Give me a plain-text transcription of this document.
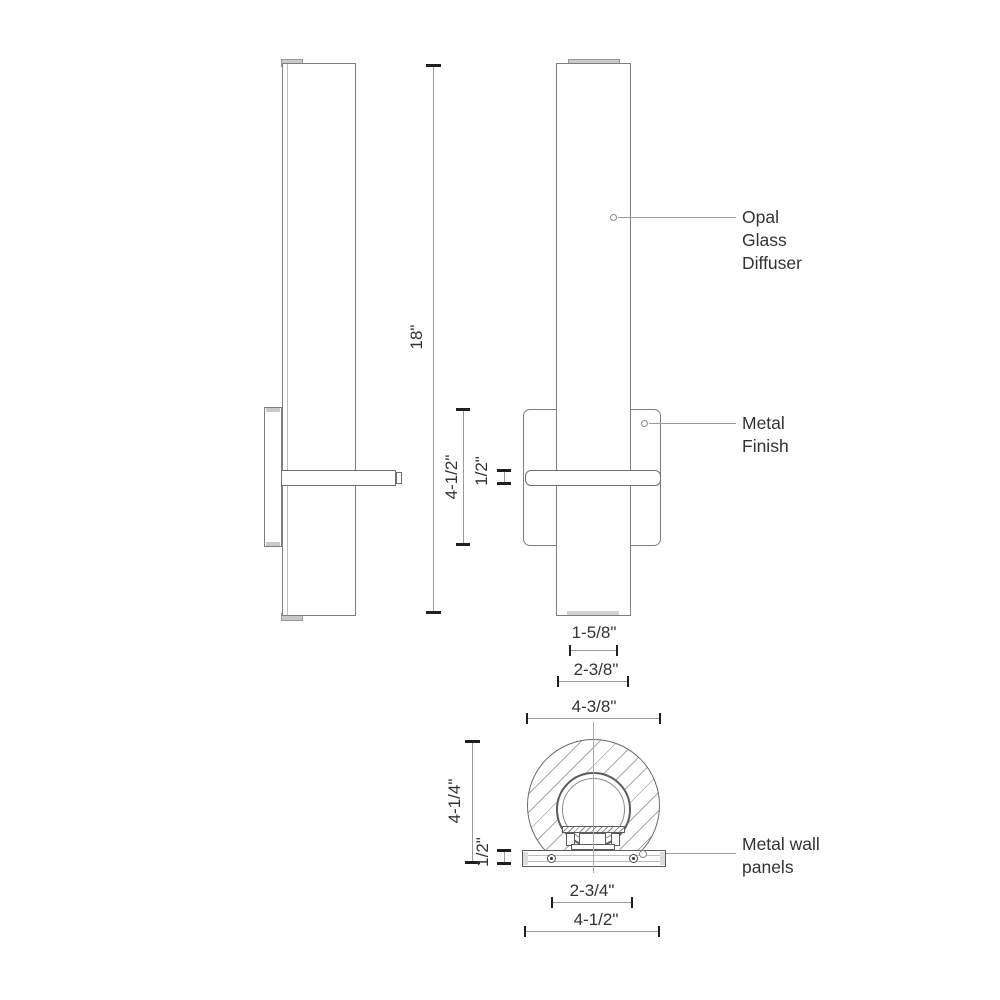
Opal Glass Diffuser
Metal Finish
Metal wall panels
18"
4-1/2" 1/2"
1-5/8"
2-3/8"
4-3/8"
2-3/4"
4-1/2"
4-1/4"
1/2"
